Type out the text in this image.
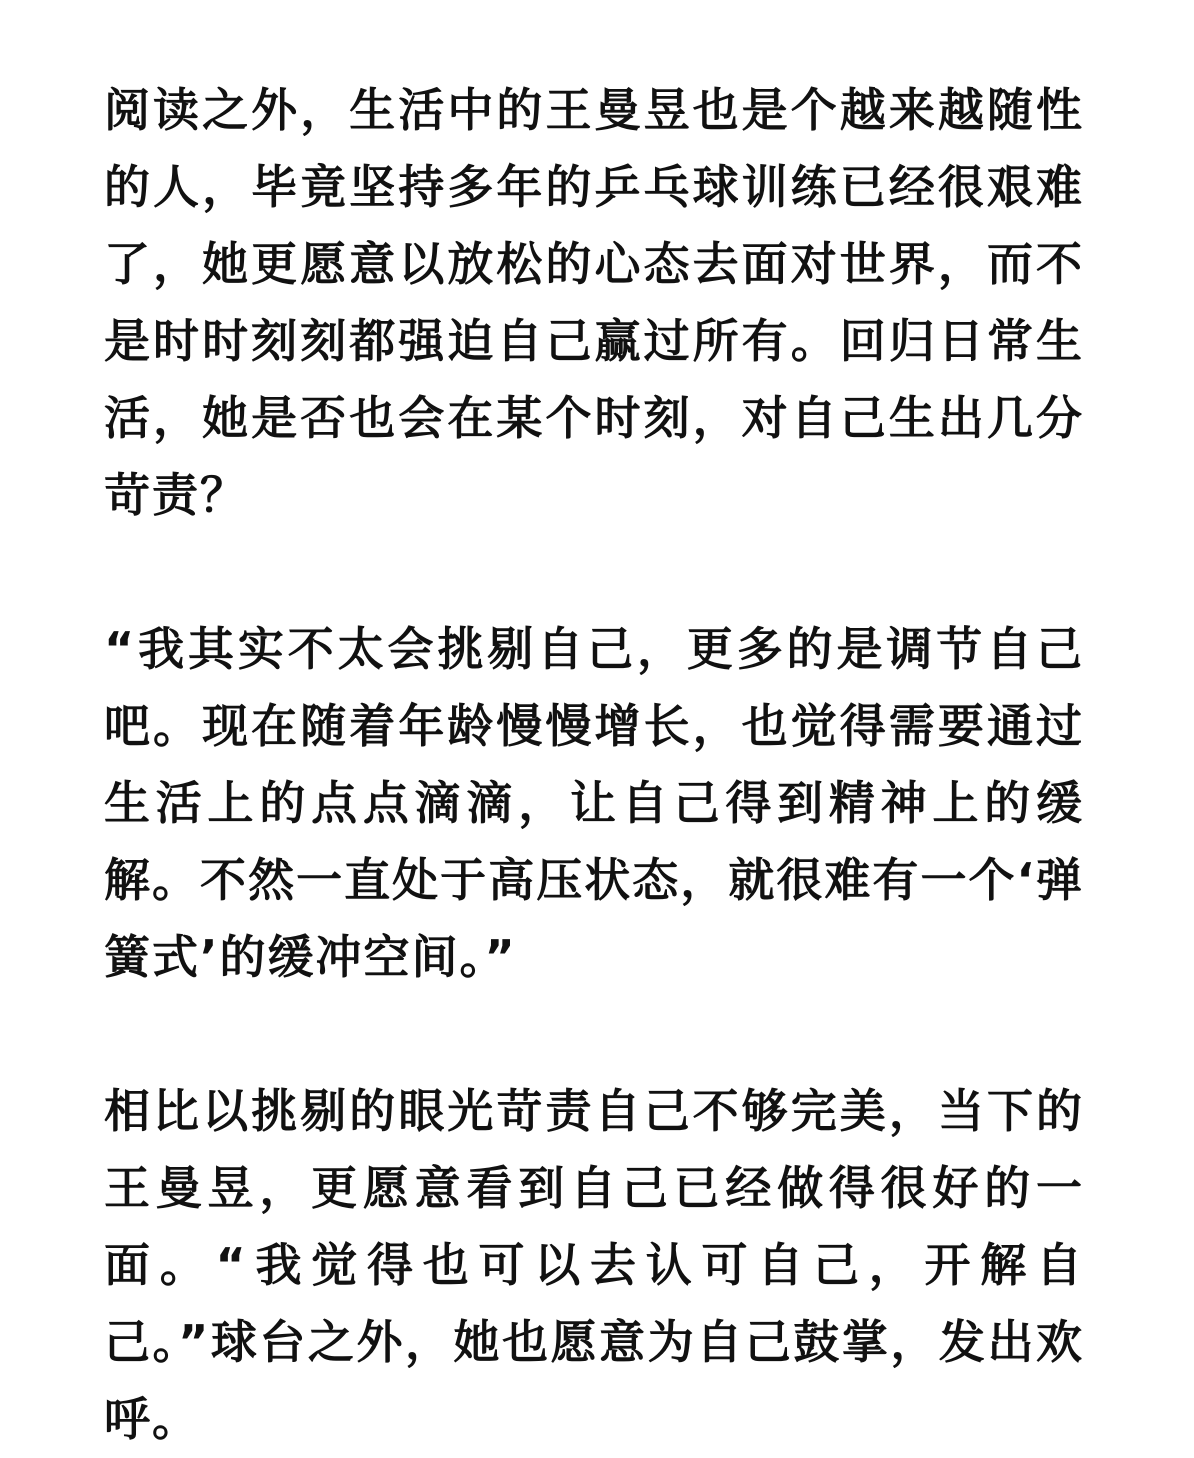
阅读之外，生活中的王曼昱也是个越来越随性的人，毕竟坚持多年的乒乓球训练已经很艰难了，她更愿意以放松的心态去面对世界，而不是时时刻刻都强迫自己赢过所有。回归日常生活，她是否也会在某个时刻，对自己生出几分苛责？

“我其实不太会挑剔自己，更多的是调节自己吧。现在随着年龄慢慢增长，也觉得需要通过生活上的点点滴滴，让自己得到精神上的缓解。不然一直处于高压状态，就很难有一个‘弹簧式’的缓冲空间。”

相比以挑剔的眼光苛责自己不够完美，当下的王曼昱，更愿意看到自己已经做得很好的一面。“我觉得也可以去认可自己，开解自己。”球台之外，她也愿意为自己鼓掌，发出欢呼。
